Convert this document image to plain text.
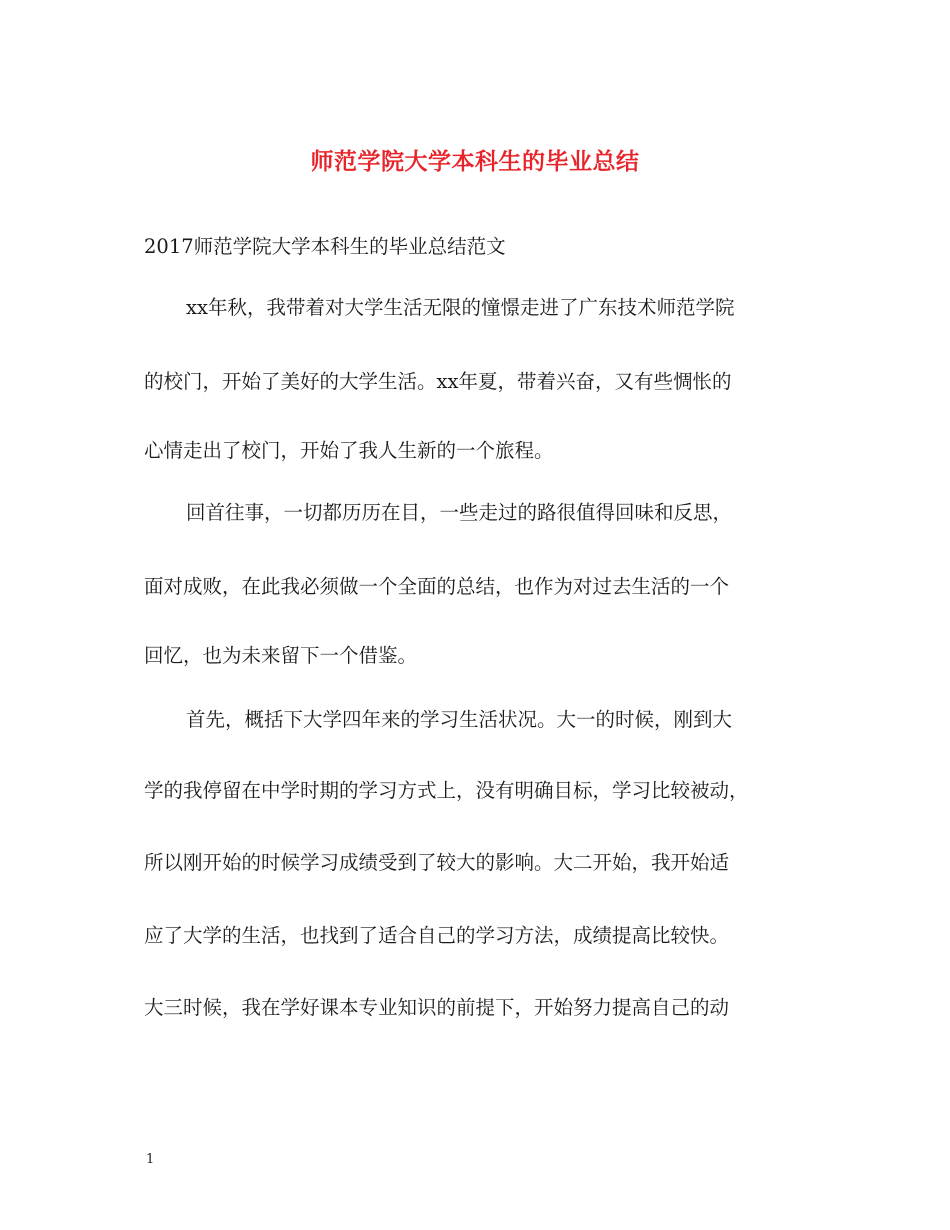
师范学院大学本科生的毕业总结
2017师范学院大学本科生的毕业总结范文
xx年秋，我带着对大学生活无限的憧憬走进了广东技术师范学院
的校门，开始了美好的大学生活。xx年夏，带着兴奋，又有些惆怅的
心情走出了校门，开始了我人生新的一个旅程。
回首往事，一切都历历在目，一些走过的路很值得回味和反思，
面对成败，在此我必须做一个全面的总结，也作为对过去生活的一个
回忆，也为未来留下一个借鉴。
首先，概括下大学四年来的学习生活状况。大一的时候，刚到大
学的我停留在中学时期的学习方式上，没有明确目标，学习比较被动，
所以刚开始的时候学习成绩受到了较大的影响。大二开始，我开始适
应了大学的生活，也找到了适合自己的学习方法，成绩提高比较快。
大三时候，我在学好课本专业知识的前提下，开始努力提高自己的动
1
